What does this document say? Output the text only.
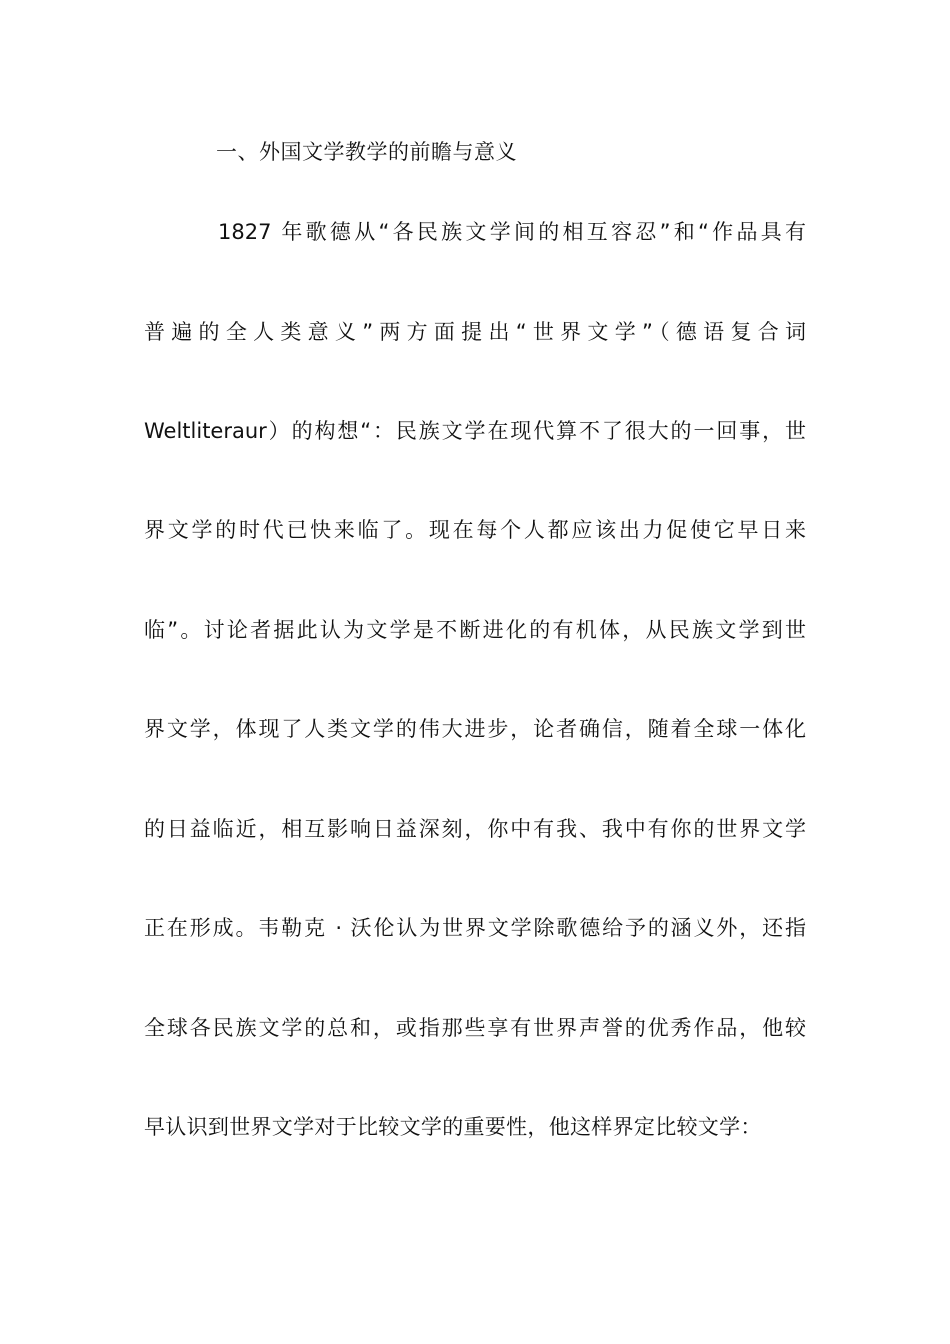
一、外国文学教学的前瞻与意义
1827 年歌德从“各民族文学间的相互容忍”和“作品具有
普遍的全人类意义”两方面提出“世界文学”（德语复合词
Weltliteraur）的构想“：民族文学在现代算不了很大的一回事，世
界文学的时代已快来临了。现在每个人都应该出力促使它早日来
临”。讨论者据此认为文学是不断进化的有机体，从民族文学到世
界文学，体现了人类文学的伟大进步，论者确信，随着全球一体化
的日益临近，相互影响日益深刻，你中有我、我中有你的世界文学
正在形成。韦勒克 · 沃伦认为世界文学除歌德给予的涵义外，还指
全球各民族文学的总和，或指那些享有世界声誉的优秀作品，他较
早认识到世界文学对于比较文学的重要性，他这样界定比较文学：
